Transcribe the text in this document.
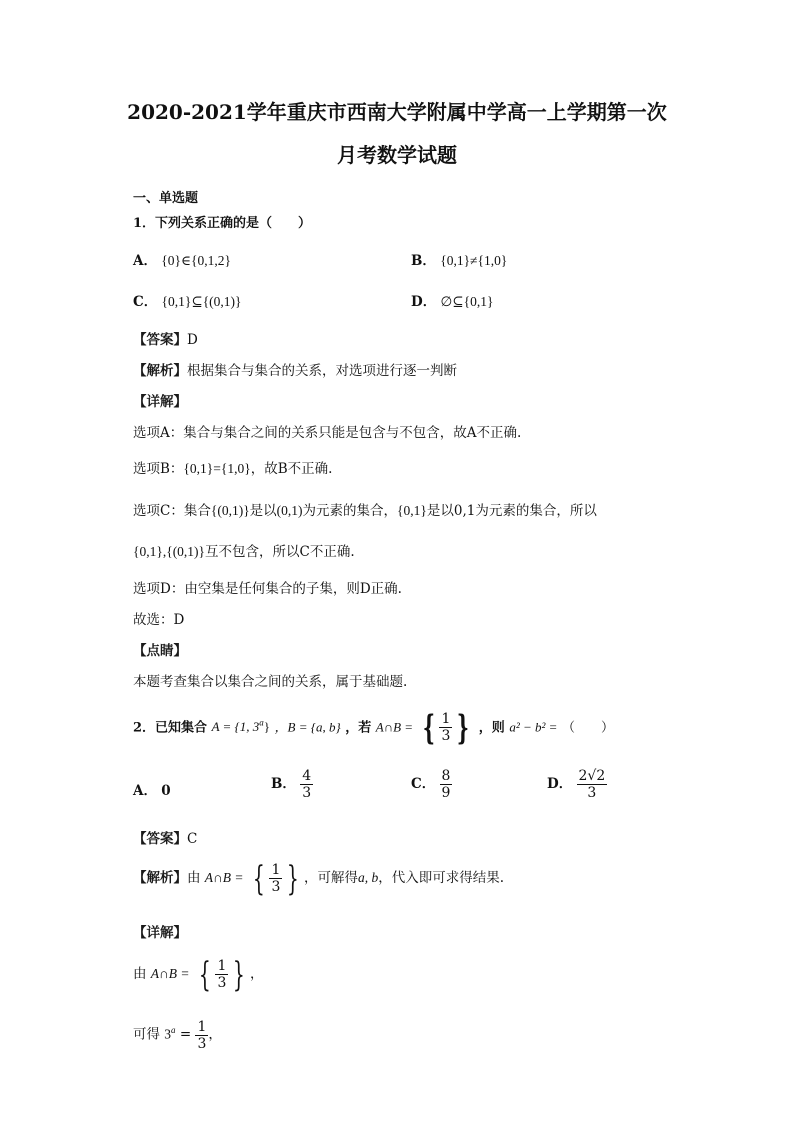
2020-2021学年重庆市西南大学附属中学高一上学期第一次
月考数学试题
一、单选题
1．下列关系正确的是（　　）
A． {0}∈{0,1,2}	B． {0,1}≠{1,0}
C． {0,1}⊆{(0,1)}	D． ∅⊆{0,1}
【答案】D
【解析】根据集合与集合的关系，对选项进行逐一判断
【详解】
选项A：集合与集合之间的关系只能是包含与不包含，故A不正确.
选项B：{0,1}={1,0}，故B不正确.
选项C：集合{(0,1)}是以(0,1)为元素的集合，{0,1}是以0,1为元素的集合，所以
{0,1},{(0,1)}互不包含，所以C不正确.
选项D：由空集是任何集合的子集，则D正确.
故选：D
【点睛】
本题考查集合以集合之间的关系，属于基础题.
2．已知集合 A = {1, 3$^a$} ，B = {a, b} ，若 A∩B = { $\frac{1}{3}$ } ，则 a² − b² = （　　）
A． 0	B． $\frac{4}{3}$	C． $\frac{8}{9}$	D． $\frac{2√2}{3}$
【答案】C
【解析】由 A∩B = { $\frac{1}{3}$ } ，可解得a, b，代入即可求得结果.
【详解】
由 A∩B = { $\frac{1}{3}$ } ，
可得 $3^a = \frac{1}{3}$ ，
